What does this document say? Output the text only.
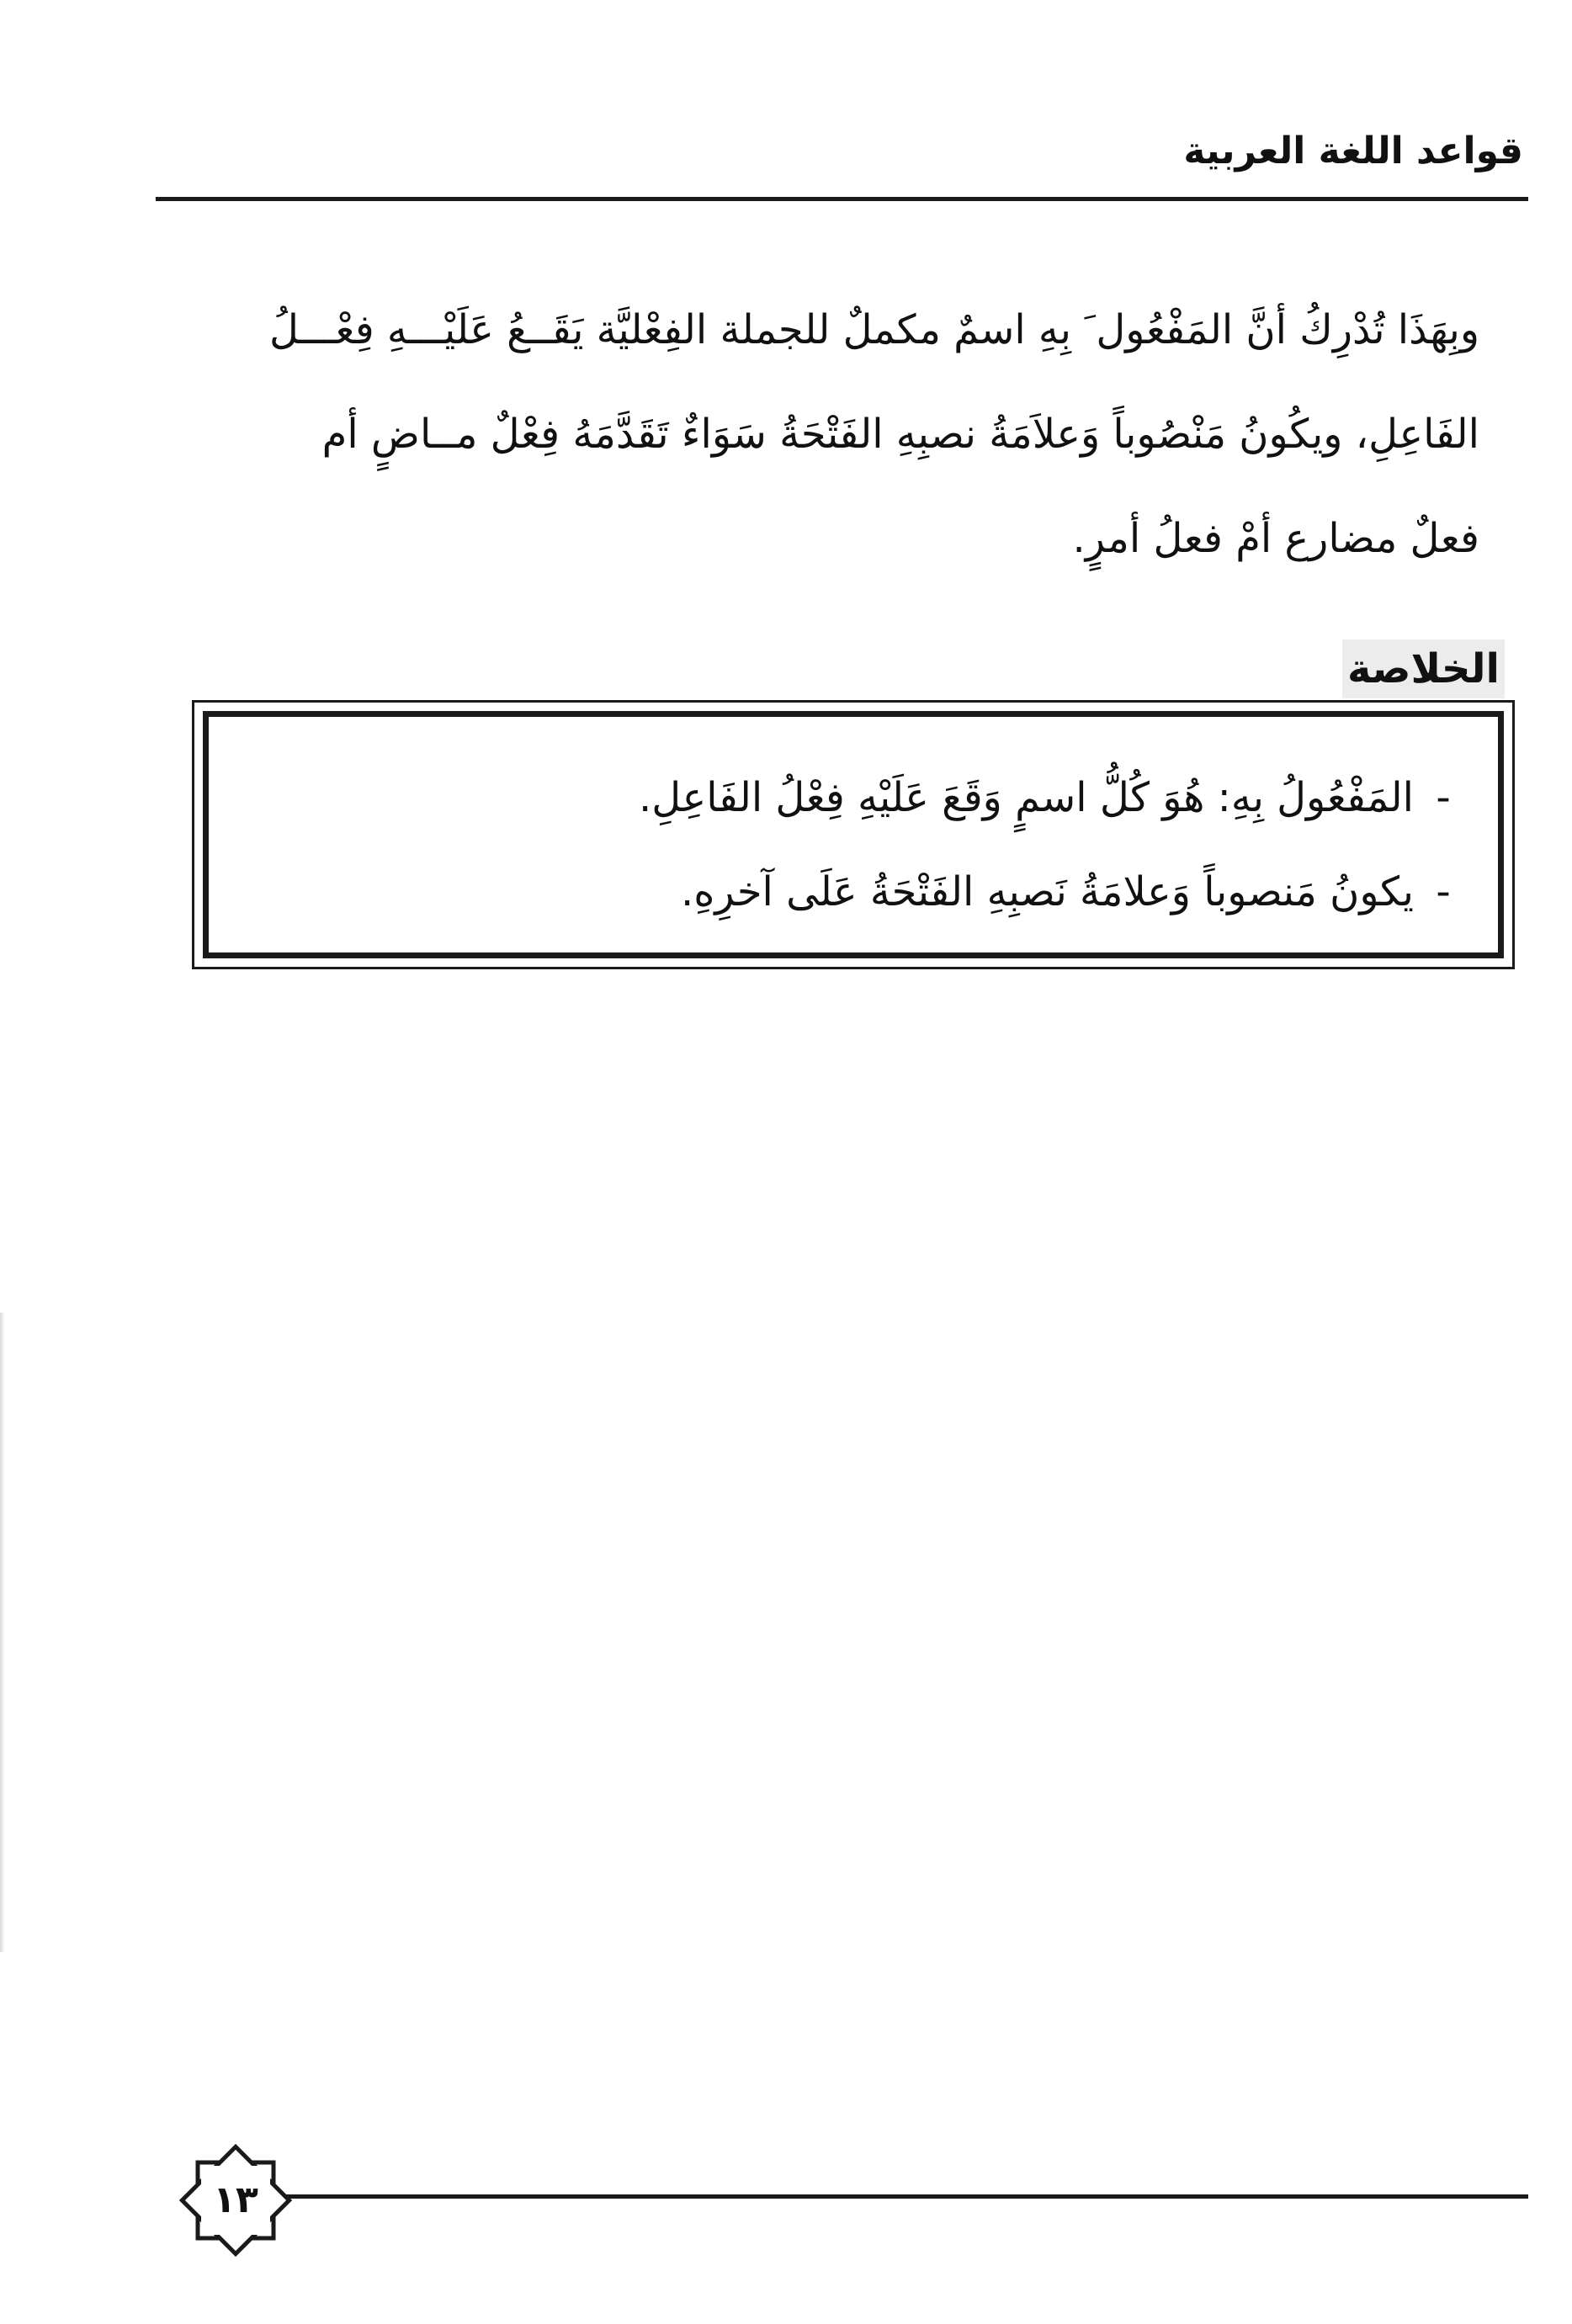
قواعد اللغة العربية
وبِهَذَا تُدْرِكُ أنَّ المَفْعُول َ بِهِ اسمٌ مكملٌ للجملة الفِعْليَّة يَقَــعُ عَلَيْـــهِ فِعْـــلُ
الفَاعِلِ، ويكُونُ مَنْصُوباً وَعلاَمَةُ نصبِهِ الفَتْحَةُ سَوَاءٌ تَقَدَّمَهُ فِعْلٌ مــاضٍ أم
فعلٌ مضارع أمْ فعلُ أمرٍ.
الخلاصة
-المَفْعُولُ بِهِ: هُوَ كُلُّ اسمٍ وَقَعَ عَلَيْهِ فِعْلُ الفَاعِلِ.
-يكونُ مَنصوباً وَعلامَةُ نَصبِهِ الفَتْحَةُ عَلَى آخرِهِ.
١٣
